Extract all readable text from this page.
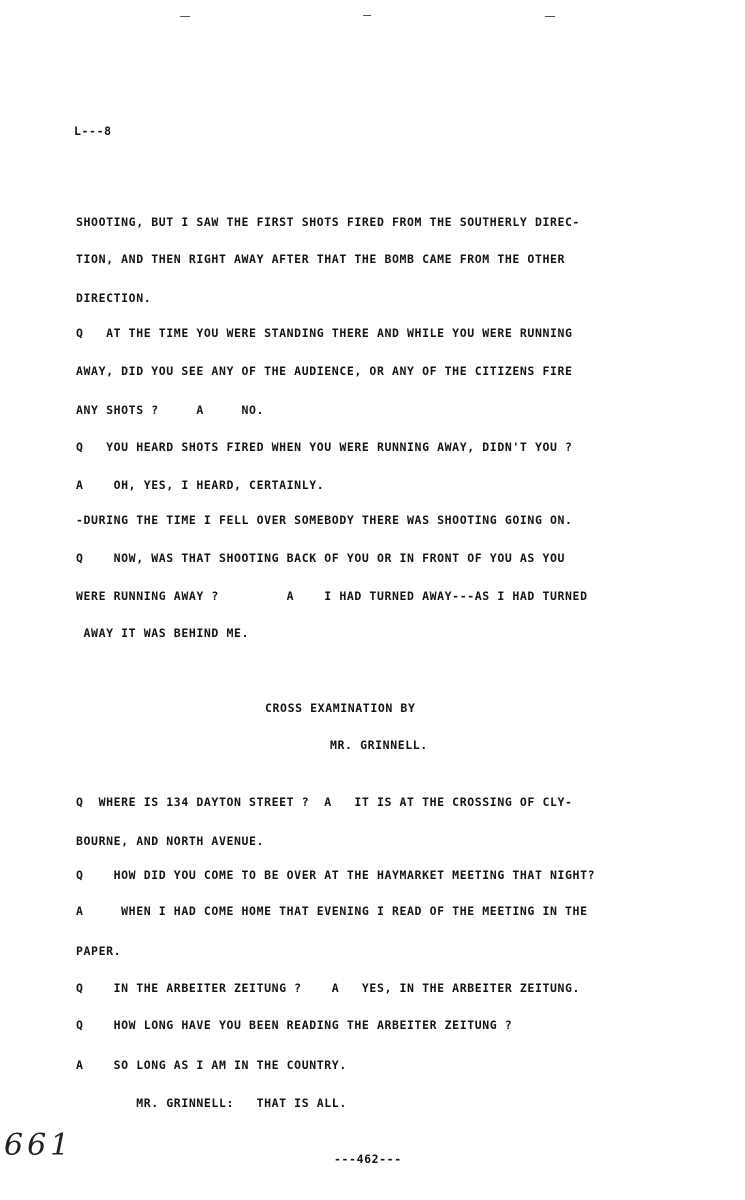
L---8
SHOOTING, BUT I SAW THE FIRST SHOTS FIRED FROM THE SOUTHERLY DIREC-
TION, AND THEN RIGHT AWAY AFTER THAT THE BOMB CAME FROM THE OTHER
DIRECTION.
Q   AT THE TIME YOU WERE STANDING THERE AND WHILE YOU WERE RUNNING
AWAY, DID YOU SEE ANY OF THE AUDIENCE, OR ANY OF THE CITIZENS FIRE
ANY SHOTS ?     A     NO.
Q   YOU HEARD SHOTS FIRED WHEN YOU WERE RUNNING AWAY, DIDN'T YOU ?
A    OH, YES, I HEARD, CERTAINLY.
-DURING THE TIME I FELL OVER SOMEBODY THERE WAS SHOOTING GOING ON.
Q    NOW, WAS THAT SHOOTING BACK OF YOU OR IN FRONT OF YOU AS YOU
WERE RUNNING AWAY ?         A    I HAD TURNED AWAY---AS I HAD TURNED
AWAY IT WAS BEHIND ME.
CROSS EXAMINATION BY
MR. GRINNELL.
Q  WHERE IS 134 DAYTON STREET ?  A   IT IS AT THE CROSSING OF CLY-
BOURNE, AND NORTH AVENUE.
Q    HOW DID YOU COME TO BE OVER AT THE HAYMARKET MEETING THAT NIGHT?
A     WHEN I HAD COME HOME THAT EVENING I READ OF THE MEETING IN THE
PAPER.
Q    IN THE ARBEITER ZEITUNG ?    A   YES, IN THE ARBEITER ZEITUNG.
Q    HOW LONG HAVE YOU BEEN READING THE ARBEITER ZEITUNG ?
A    SO LONG AS I AM IN THE COUNTRY.
MR. GRINNELL:   THAT IS ALL.
661	---462---
